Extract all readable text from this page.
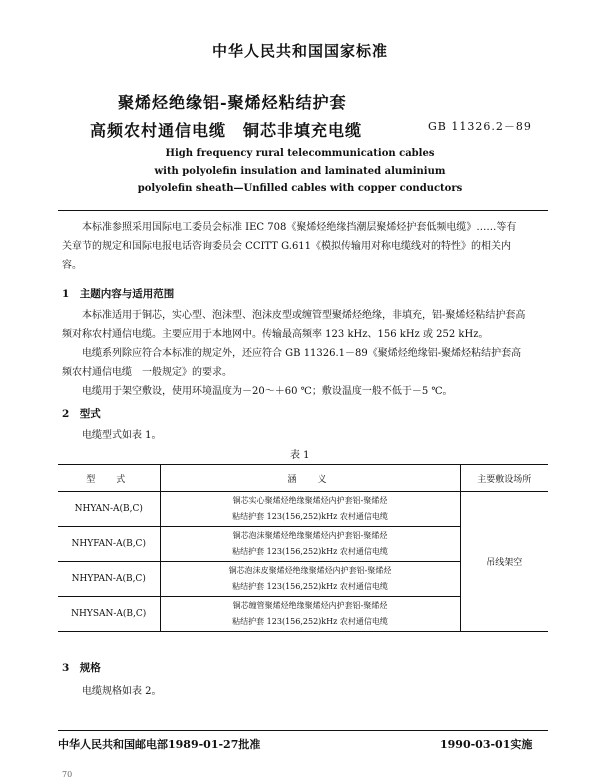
中华人民共和国国家标准
聚烯烃绝缘铝-聚烯烃粘结护套
高频农村通信电缆　铜芯非填充电缆	GB 11326.2－89
High frequency rural telecommunication cables
with polyolefin insulation and laminated aluminium
polyolefin sheath—Unfilled cables with copper conductors
本标准参照采用国际电工委员会标准 IEC 708《聚烯烃绝缘挡潮层聚烯烃护套低频电缆》……等有
关章节的规定和国际电报电话咨询委员会 CCITT G.611《模拟传输用对称电缆线对的特性》的相关内
容。
1　主题内容与适用范围
本标准适用于铜芯，实心型、泡沫型、泡沫皮型或缠管型聚烯烃绝缘，非填充，铝-聚烯烃粘结护套高
频对称农村通信电缆。主要应用于本地网中。传输最高频率 123 kHz、156 kHz 或 252 kHz。
电缆系列除应符合本标准的规定外，还应符合 GB 11326.1－89《聚烯烃绝缘铝-聚烯烃粘结护套高
频农村通信电缆　一般规定》的要求。
电缆用于架空敷设，使用环境温度为－20～＋60 ℃；敷设温度一般不低于－5 ℃。
2　型式
电缆型式如表 1。
表 1
型　式	涵　义	主要敷设场所
NHYAN-A(B,C)	铜芯实心聚烯烃绝缘聚烯烃内护套铝-聚烯烃
粘结护套 123(156,252)kHz 农村通信电缆	吊线架空
NHYFAN-A(B,C)	铜芯泡沫聚烯烃绝缘聚烯烃内护套铝-聚烯烃
粘结护套 123(156,252)kHz 农村通信电缆	

NHYPAN-A(B,C)	铜芯泡沫皮聚烯烃绝缘聚烯烃内护套铝-聚烯烃
粘结护套 123(156,252)kHz 农村通信电缆	

NHYSAN-A(B,C)	铜芯缠管聚烯烃绝缘聚烯烃内护套铝-聚烯烃
粘结护套 123(156,252)kHz 农村通信电缆	
3　规格
电缆规格如表 2。
中华人民共和国邮电部1989-01-27批准	1990-03-01实施
70
